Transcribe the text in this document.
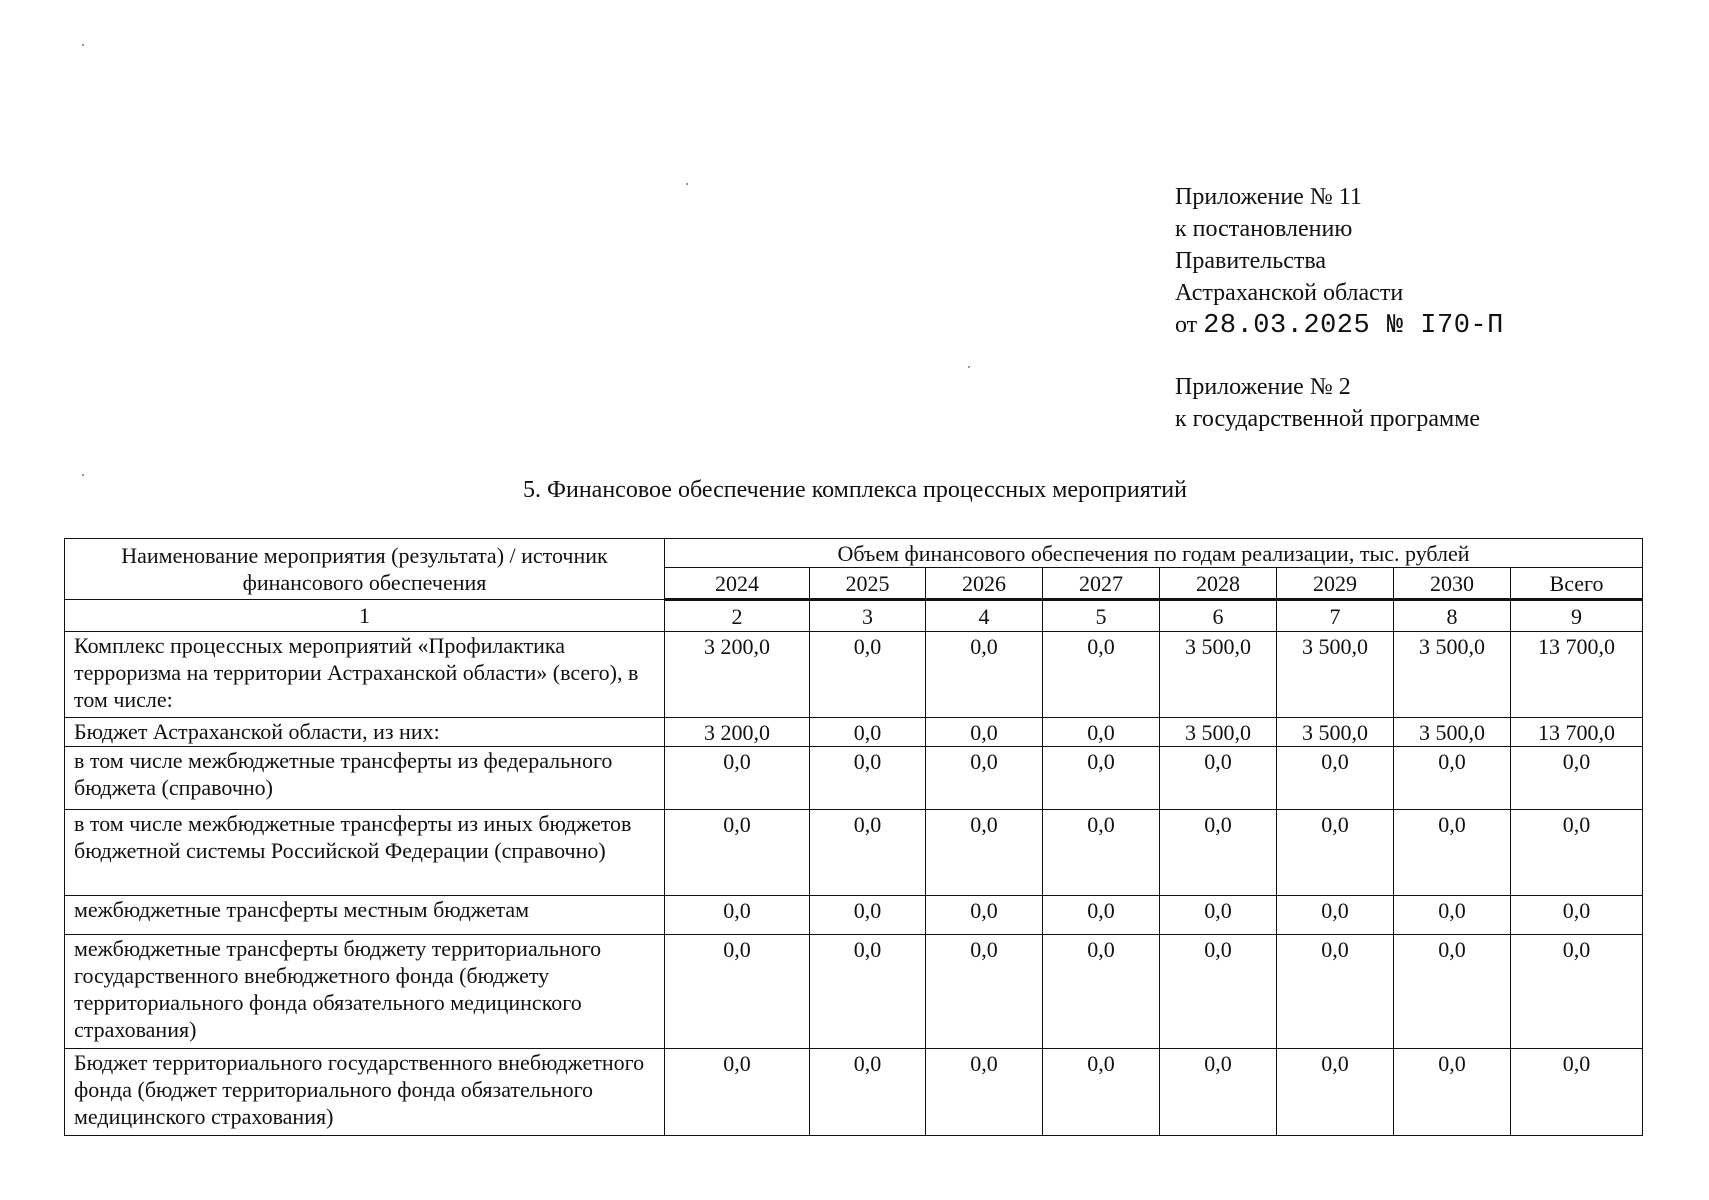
Приложение № 11
к постановлению
Правительства
Астраханской области
от 28.03.2025 № I70-П
Приложение № 2
к государственной программе
5. Финансовое обеспечение комплекса процессных мероприятий
Наименование мероприятия (результата) / источник финансового обеспечения	Объем финансового обеспечения по годам реализации, тыс. рублей							
	2024	2025	2026	2027	2028	2029	2030	Всего
1	2	3	4	5	6	7	8	9
Комплекс процессных мероприятий «Профилактика терроризма на территории Астраханской области» (всего), в том числе:	3 200,0	0,0	0,0	0,0	3 500,0	3 500,0	3 500,0	13 700,0
Бюджет Астраханской области, из них:	3 200,0	0,0	0,0	0,0	3 500,0	3 500,0	3 500,0	13 700,0
в том числе межбюджетные трансферты из федерального бюджета (справочно)	0,0	0,0	0,0	0,0	0,0	0,0	0,0	0,0
в том числе межбюджетные трансферты из иных бюджетов бюджетной системы Российской Федерации (справочно)	0,0	0,0	0,0	0,0	0,0	0,0	0,0	0,0
межбюджетные трансферты местным бюджетам	0,0	0,0	0,0	0,0	0,0	0,0	0,0	0,0
межбюджетные трансферты бюджету территориального государственного внебюджетного фонда (бюджету территориального фонда обязательного медицинского страхования)	0,0	0,0	0,0	0,0	0,0	0,0	0,0	0,0
Бюджет территориального государственного внебюджетного фонда (бюджет территориального фонда обязательного медицинского страхования)	0,0	0,0	0,0	0,0	0,0	0,0	0,0	0,0
